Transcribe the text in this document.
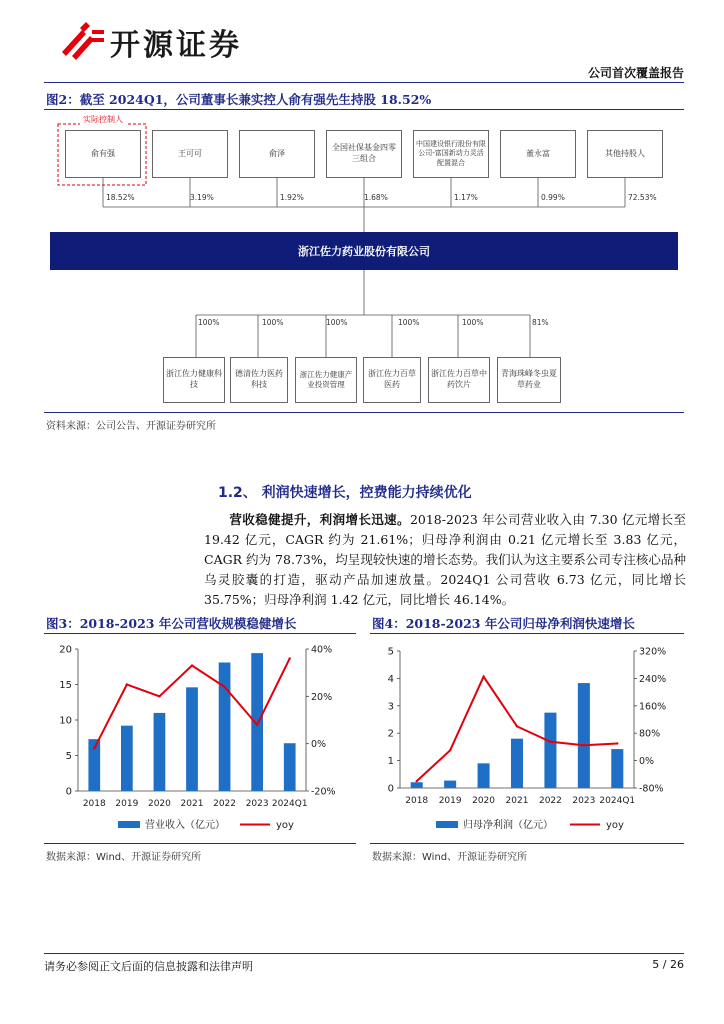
开源证券
公司首次覆盖报告
图2：截至 2024Q1，公司董事长兼实控人俞有强先生持股 18.52%
实际控制人
俞有强	王可可	俞泽
全国社保基金四零三组合
中国建设银行股份有限公司-富国新动力灵活配置混合
董永富	其他持股人
18.52%	3.19%	1.92%	1.68%	1.17%	0.99%	72.53%
浙江佐力药业股份有限公司
100%	100%	100%	100%	100%	81%
浙江佐力健康科技
德清佐力医药科技
浙江佐力健康产业投资管理
浙江佐力百草医药
浙江佐力百草中药饮片
青海珠峰冬虫夏草药业
资料来源：公司公告、开源证券研究所
1.2、 利润快速增长，控费能力持续优化
营收稳健提升，利润增长迅速。2018-2023 年公司营业收入由 7.30 亿元增长至 19.42 亿元，CAGR 约为 21.61%；归母净利润由 0.21 亿元增长至 3.83 亿元，CAGR 约为 78.73%，均呈现较快速的增长态势。我们认为这主要系公司专注核心品种乌灵胶囊的打造，驱动产品加速放量。2024Q1 公司营收 6.73 亿元，同比增长 35.75%；归母净利润 1.42 亿元，同比增长 46.14%。
图3：2018-2023 年公司营收规模稳健增长	图4：2018-2023 年公司归母净利润快速增长
0
5
10
15
20
-20%
0%
20%
40%
2018 2019 2020 2021 2022 2023 2024Q1
营业收入（亿元）	yoy
0
1
2
3
4
5
-80%
0%
80%
160%
240%
320%
2018 2019 2020 2021 2022 2023 2024Q1
归母净利润（亿元）	yoy
数据来源：Wind、开源证券研究所	数据来源：Wind、开源证券研究所
请务必参阅正文后面的信息披露和法律声明	5 / 26
